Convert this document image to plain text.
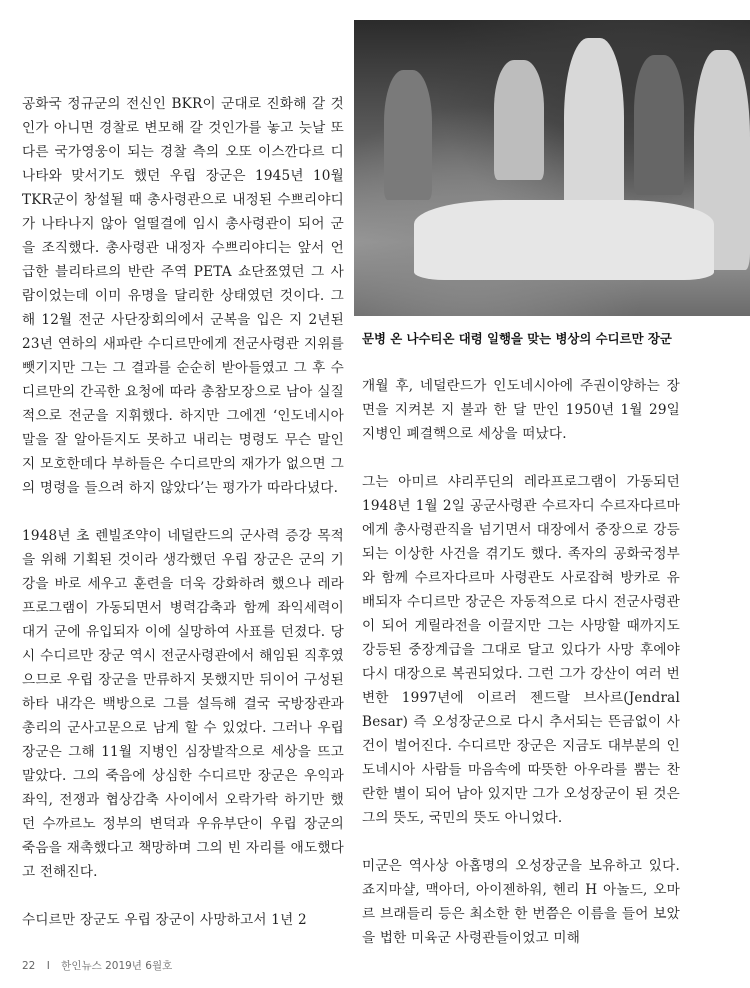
문병 온 나수티온 대령 일행을 맞는 병상의 수디르만 장군

공화국 정규군의 전신인 BKR이 군대로 진화해 갈 것인가 아니면 경찰로 변모해 갈 것인가를 놓고 늣날 또 다른 국가영웅이 되는 경찰 측의 오또 이스깐다르 디나타와 맞서기도 했던 우립 장군은 1945년 10월 TKR군이 창설될 때 총사령관으로 내정된 수쁘리야디가 나타나지 않아 얼떨결에 임시 총사령관이 되어 군을 조직했다. 총사령관 내정자 수쁘리야디는 앞서 언급한 블리타르의 반란 주역 PETA 쇼단쬬였던 그 사람이었는데 이미 유명을 달리한 상태였던 것이다. 그해 12월 전군 사단장회의에서 군복을 입은 지 2년된 23년 연하의 새파란 수디르만에게 전군사령관 지위를 뺏기지만 그는 그 결과를 순순히 받아들였고 그 후 수디르만의 간곡한 요청에 따라 총참모장으로 남아 실질적으로 전군을 지휘했다. 하지만 그에겐 ‘인도네시아말을 잘 알아듣지도 못하고 내리는 명령도 무슨 말인지 모호한데다 부하들은 수디르만의 재가가 없으면 그의 명령을 들으려 하지 않았다’는 평가가 따라다녔다.

1948년 초 렌빌조약이 네덜란드의 군사력 증강 목적을 위해 기획된 것이라 생각했던 우립 장군은 군의 기강을 바로 세우고 훈련을 더욱 강화하려 했으나 레라프로그램이 가동되면서 병력감축과 함께 좌익세력이 대거 군에 유입되자 이에 실망하여 사표를 던졌다. 당시 수디르만 장군 역시 전군사령관에서 해임된 직후였으므로 우립 장군을 만류하지 못했지만 뒤이어 구성된 하타 내각은 백방으로 그를 설득해 결국 국방장관과 총리의 군사고문으로 남게 할 수 있었다. 그러나 우립 장군은 그해 11월 지병인 심장발작으로 세상을 뜨고 말았다. 그의 죽음에 상심한 수디르만 장군은 우익과 좌익, 전쟁과 협상감축 사이에서 오락가락 하기만 했던 수까르노 정부의 변덕과 우유부단이 우립 장군의 죽음을 재촉했다고 책망하며 그의 빈 자리를 애도했다고 전해진다.

수디르만 장군도 우립 장군이 사망하고서 1년 2

개월 후, 네덜란드가 인도네시아에 주권이양하는 장면을 지켜본 지 불과 한 달 만인 1950년 1월 29일 지병인 폐결핵으로 세상을 떠났다.

그는 아미르 샤리푸딘의 레라프로그램이 가동되던 1948년 1월 2일 공군사령관 수르자디 수르자다르마에게 총사령관직을 넘기면서 대장에서 중장으로 강등되는 이상한 사건을 겪기도 했다. 족자의 공화국정부와 함께 수르자다르마 사령관도 사로잡혀 방카로 유배되자 수디르만 장군은 자동적으로 다시 전군사령관이 되어 게릴라전을 이끌지만 그는 사망할 때까지도 강등된 중장계급을 그대로 달고 있다가 사망 후에야 다시 대장으로 복권되었다. 그런 그가 강산이 여러 번 변한 1997년에 이르러 젠드랄 브사르(Jendral Besar) 즉 오성장군으로 다시 추서되는 뜬금없이 사건이 벌어진다. 수디르만 장군은 지금도 대부분의 인도네시아 사람들 마음속에 따뜻한 아우라를 뿜는 찬란한 별이 되어 남아 있지만 그가 오성장군이 된 것은 그의 뜻도, 국민의 뜻도 아니었다.

미군은 역사상 아홉명의 오성장군을 보유하고 있다. 죠지마샬, 맥아더, 아이젠하워, 헨리 H 아놀드, 오마르 브래들리 등은 최소한 한 번쯤은 이름을 들어 보았을 법한 미육군 사령관들이었고 미해

22 I 한인뉴스 2019년 6월호
